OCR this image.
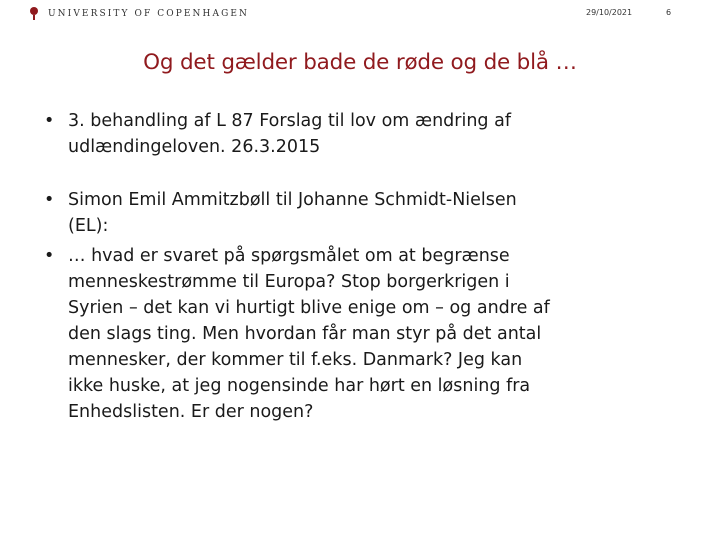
UNIVERSITY OF COPENHAGEN	29/10/2021	6
Og det gælder bade de røde og de blå …
• 3. behandling af L 87 Forslag til lov om ændring af
udlændingeloven. 26.3.2015
• Simon Emil Ammitzbøll til Johanne Schmidt-Nielsen
(EL):
• … hvad er svaret på spørgsmålet om at begrænse
menneskestrømme til Europa? Stop borgerkrigen i
Syrien – det kan vi hurtigt blive enige om – og andre af
den slags ting. Men hvordan får man styr på det antal
mennesker, der kommer til f.eks. Danmark? Jeg kan
ikke huske, at jeg nogensinde har hørt en løsning fra
Enhedslisten. Er der nogen?
